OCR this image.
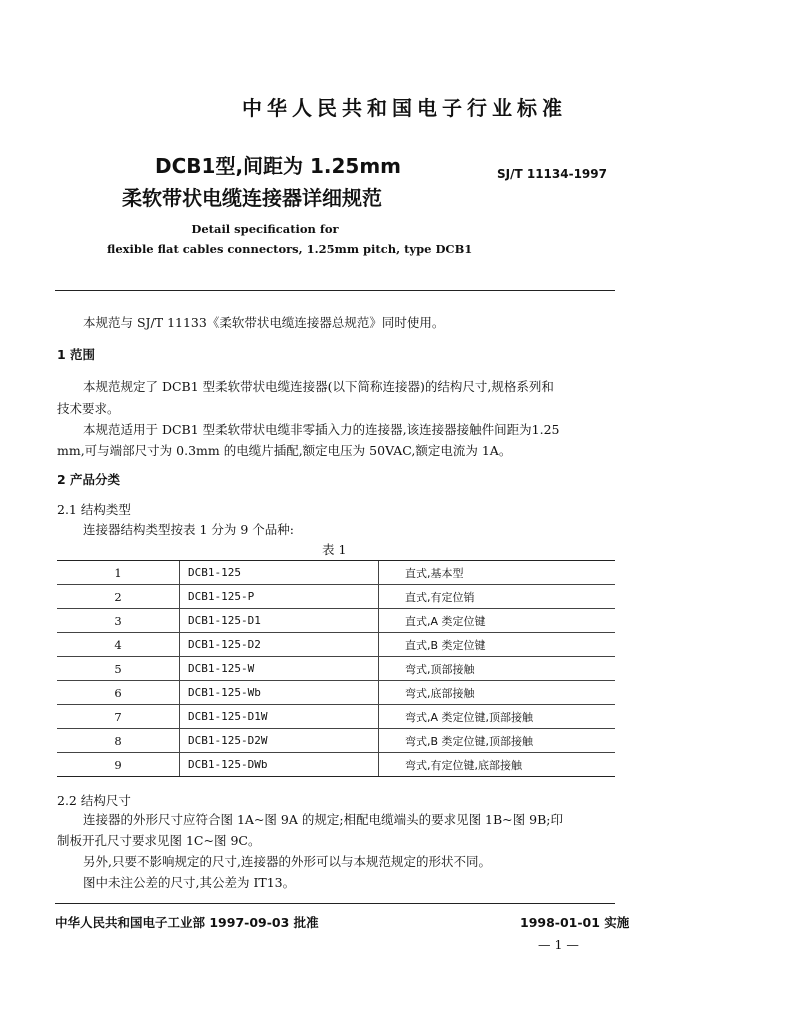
中华人民共和国电子行业标准
DCB1型,间距为 1.25mm
柔软带状电缆连接器详细规范
SJ/T 11134-1997
Detail specification for
flexible flat cables connectors, 1.25mm pitch, type DCB1
本规范与 SJ/T 11133《柔软带状电缆连接器总规范》同时使用。
1 范围
本规范规定了 DCB1 型柔软带状电缆连接器(以下简称连接器)的结构尺寸,规格系列和
技术要求。
本规范适用于 DCB1 型柔软带状电缆非零插入力的连接器,该连接器接触件间距为1.25
mm,可与端部尺寸为 0.3mm 的电缆片插配,额定电压为 50VAC,额定电流为 1A。
2 产品分类
2.1 结构类型
连接器结构类型按表 1 分为 9 个品种:
表 1
1	DCB1-125	直式,基本型
2	DCB1-125-P	直式,有定位销
3	DCB1-125-D1	直式,A 类定位键
4	DCB1-125-D2	直式,B 类定位键
5	DCB1-125-W	弯式,顶部接触
6	DCB1-125-Wb	弯式,底部接触
7	DCB1-125-D1W	弯式,A 类定位键,顶部接触
8	DCB1-125-D2W	弯式,B 类定位键,顶部接触
9	DCB1-125-DWb	弯式,有定位键,底部接触
2.2 结构尺寸
连接器的外形尺寸应符合图 1A~图 9A 的规定;相配电缆端头的要求见图 1B~图 9B;印
制板开孔尺寸要求见图 1C~图 9C。
另外,只要不影响规定的尺寸,连接器的外形可以与本规范规定的形状不同。
图中未注公差的尺寸,其公差为 IT13。
中华人民共和国电子工业部 1997-09-03 批准	1998-01-01 实施
— 1 —
